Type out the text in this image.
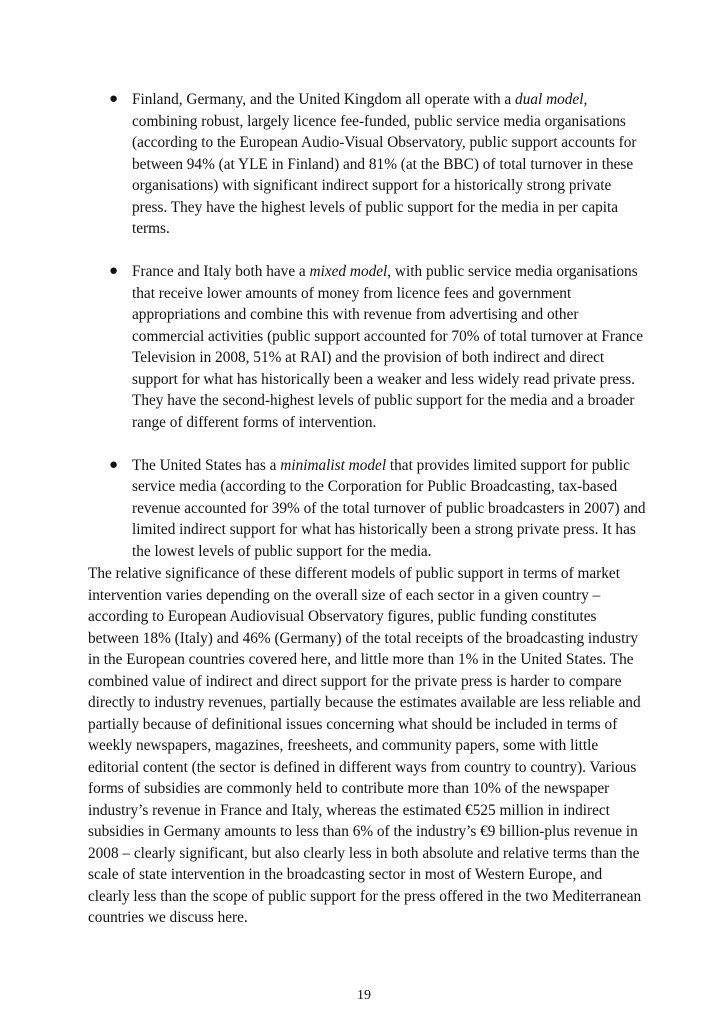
● Finland, Germany, and the United Kingdom all operate with a dual model, combining robust, largely licence fee-funded, public service media organisations (according to the European Audio-Visual Observatory, public support accounts for between 94% (at YLE in Finland) and 81% (at the BBC) of total turnover in these organisations) with significant indirect support for a historically strong private press. They have the highest levels of public support for the media in per capita terms.
● France and Italy both have a mixed model, with public service media organisations that receive lower amounts of money from licence fees and government appropriations and combine this with revenue from advertising and other commercial activities (public support accounted for 70% of total turnover at France Television in 2008, 51% at RAI) and the provision of both indirect and direct support for what has historically been a weaker and less widely read private press. They have the second-highest levels of public support for the media and a broader range of different forms of intervention.
● The United States has a minimalist model that provides limited support for public service media (according to the Corporation for Public Broadcasting, tax-based revenue accounted for 39% of the total turnover of public broadcasters in 2007) and limited indirect support for what has historically been a strong private press. It has the lowest levels of public support for the media.

The relative significance of these different models of public support in terms of market intervention varies depending on the overall size of each sector in a given country – according to European Audiovisual Observatory figures, public funding constitutes between 18% (Italy) and 46% (Germany) of the total receipts of the broadcasting industry in the European countries covered here, and little more than 1% in the United States. The combined value of indirect and direct support for the private press is harder to compare directly to industry revenues, partially because the estimates available are less reliable and partially because of definitional issues concerning what should be included in terms of weekly newspapers, magazines, freesheets, and community papers, some with little editorial content (the sector is defined in different ways from country to country). Various forms of subsidies are commonly held to contribute more than 10% of the newspaper industry’s revenue in France and Italy, whereas the estimated €525 million in indirect subsidies in Germany amounts to less than 6% of the industry’s €9 billion-plus revenue in 2008 – clearly significant, but also clearly less in both absolute and relative terms than the scale of state intervention in the broadcasting sector in most of Western Europe, and clearly less than the scope of public support for the press offered in the two Mediterranean countries we discuss here.

19
